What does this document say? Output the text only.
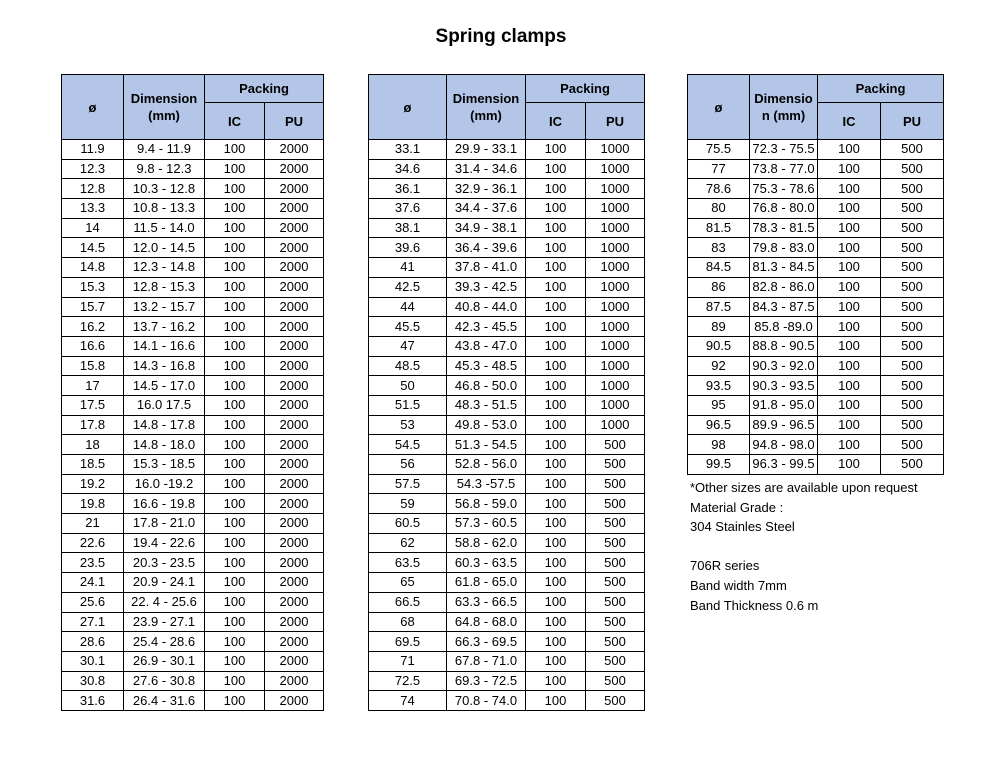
Spring clamps
ø	Dimension (mm)	Packing	
		IC	PU
11.9	9.4 - 11.9	100	2000
12.3	9.8 - 12.3	100	2000
12.8	10.3 - 12.8	100	2000
13.3	10.8 - 13.3	100	2000
14	11.5 - 14.0	100	2000
14.5	12.0 - 14.5	100	2000
14.8	12.3 - 14.8	100	2000
15.3	12.8 - 15.3	100	2000
15.7	13.2 - 15.7	100	2000
16.2	13.7 - 16.2	100	2000
16.6	14.1 - 16.6	100	2000
15.8	14.3 - 16.8	100	2000
17	14.5 - 17.0	100	2000
17.5	16.0 17.5	100	2000
17.8	14.8 - 17.8	100	2000
18	14.8 - 18.0	100	2000
18.5	15.3 - 18.5	100	2000
19.2	16.0 -19.2	100	2000
19.8	16.6 - 19.8	100	2000
21	17.8 - 21.0	100	2000
22.6	19.4 - 22.6	100	2000
23.5	20.3 - 23.5	100	2000
24.1	20.9 - 24.1	100	2000
25.6	22. 4 - 25.6	100	2000
27.1	23.9 - 27.1	100	2000
28.6	25.4 - 28.6	100	2000
30.1	26.9 - 30.1	100	2000
30.8	27.6 - 30.8	100	2000
31.6	26.4 - 31.6	100	2000
ø	Dimension (mm)	Packing	
		IC	PU
33.1	29.9 - 33.1	100	1000
34.6	31.4 - 34.6	100	1000
36.1	32.9 - 36.1	100	1000
37.6	34.4 - 37.6	100	1000
38.1	34.9 - 38.1	100	1000
39.6	36.4 - 39.6	100	1000
41	37.8 - 41.0	100	1000
42.5	39.3 - 42.5	100	1000
44	40.8 - 44.0	100	1000
45.5	42.3 - 45.5	100	1000
47	43.8 - 47.0	100	1000
48.5	45.3 - 48.5	100	1000
50	46.8 - 50.0	100	1000
51.5	48.3 - 51.5	100	1000
53	49.8 - 53.0	100	1000
54.5	51.3 - 54.5	100	500
56	52.8 - 56.0	100	500
57.5	54.3 -57.5	100	500
59	56.8 - 59.0	100	500
60.5	57.3 - 60.5	100	500
62	58.8 - 62.0	100	500
63.5	60.3 - 63.5	100	500
65	61.8 - 65.0	100	500
66.5	63.3 - 66.5	100	500
68	64.8 - 68.0	100	500
69.5	66.3 - 69.5	100	500
71	67.8 - 71.0	100	500
72.5	69.3 - 72.5	100	500
74	70.8 - 74.0	100	500
ø	Dimensio n (mm)	Packing	
		IC	PU
75.5	72.3 - 75.5	100	500
77	73.8 - 77.0	100	500
78.6	75.3 - 78.6	100	500
80	76.8 - 80.0	100	500
81.5	78.3 - 81.5	100	500
83	79.8 - 83.0	100	500
84.5	81.3 - 84.5	100	500
86	82.8 - 86.0	100	500
87.5	84.3 - 87.5	100	500
89	85.8 -89.0	100	500
90.5	88.8 - 90.5	100	500
92	90.3 - 92.0	100	500
93.5	90.3 - 93.5	100	500
95	91.8 - 95.0	100	500
96.5	89.9 - 96.5	100	500
98	94.8 - 98.0	100	500
99.5	96.3 - 99.5	100	500
*Other sizes are available upon request
Material Grade :
304 Stainles Steel
706R series
Band width 7mm
Band Thickness 0.6 m
